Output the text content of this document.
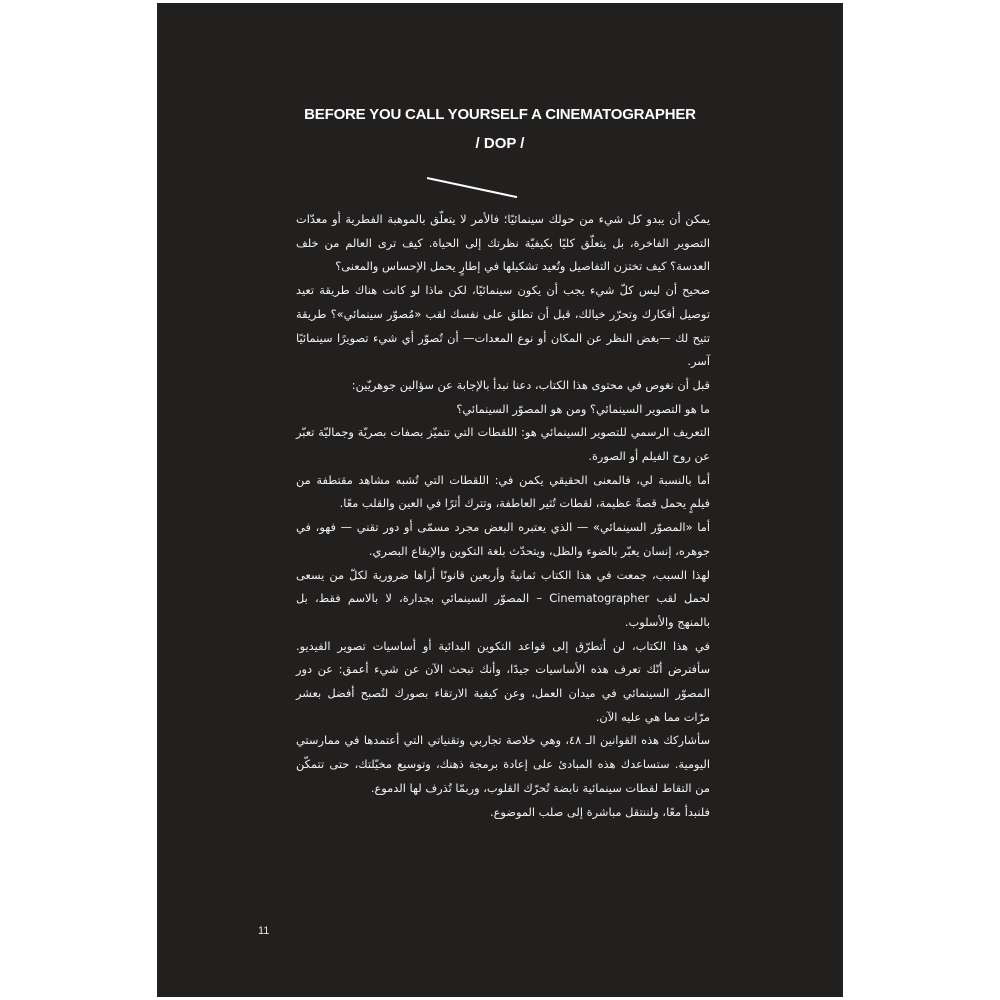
BEFORE YOU CALL YOURSELF A CINEMATOGRAPHER
/ DOP /

يمكن أن يبدو كل شيء من حولك سينمائيًا؛ فالأمر لا يتعلّق بالموهبة الفطرية أو معدّات التصوير الفاخرة، بل يتعلّق كليًا بكيفيّة نظرتك إلى الحياة. كيف ترى العالم من خلف العدسة؟ كيف تختزن التفاصيل وتُعيد تشكيلها في إطارٍ يحمل الإحساس والمعنى؟

صحيح أن ليس كلّ شيء يجب أن يكون سينمائيًا، لكن ماذا لو كانت هناك طريقة تعيد توصيل أفكارك وتحرّر خيالك، قبل أن تطلق على نفسك لقب «مُصوّر سينمائي»؟ طريقة تتيح لك —بغض النظر عن المكان أو نوع المعدات— أن تُصوّر أي شيء تصويرًا سينمائيًا آسر.

قبل أن نغوص في محتوى هذا الكتاب، دعنا نبدأ بالإجابة عن سؤالين جوهريّين:

ما هو التصوير السينمائي؟ ومن هو المصوّر السينمائي؟

التعريف الرسمي للتصوير السينمائي هو: اللقطات التي تتميّز بصفات بصريّة وجماليّة تعبّر عن روح الفيلم أو الصورة.

أما بالنسبة لي، فالمعنى الحقيقي يكمن في: اللقطات التي تُشبه مشاهد مقتطفة من فيلمٍ يحمل قصةً عظيمة، لقطات تُثير العاطفة، وتترك أثرًا في العين والقلب معًا.

أما «المصوّر السينمائي» — الذي يعتبره البعض مجرد مسمّى أو دور تقني — فهو، في جوهره، إنسان يعبّر بالضوء والظل، ويتحدّث بلغة التكوين والإيقاع البصري.

لهذا السبب، جمعت في هذا الكتاب ثمانيةً وأربعين قانونًا أراها ضرورية لكلّ من يسعى لحمل لقب Cinematographer – المصوّر السينمائي بجدارة، لا بالاسم فقط، بل بالمنهج والأسلوب.

في هذا الكتاب، لن أتطرّق إلى قواعد التكوين البدائية أو أساسيات تصوير الفيديو. سأفترض أنّك تعرف هذه الأساسيات جيدًا، وأنك تبحث الآن عن شيء أعمق: عن دور المصوّر السينمائي في ميدان العمل، وعن كيفية الارتقاء بصورك لتُصبح أفضل بعشر مرّات مما هي عليه الآن.

سأشاركك هذه القوانين الـ ٤٨، وهي خلاصة تجاربي وتقنياتي التي أعتمدها في ممارستي اليومية. ستساعدك هذه المبادئ على إعادة برمجة ذهنك، وتوسيع مخيّلتك، حتى تتمكّن من التقاط لقطات سينمائية نابضة تُحرّك القلوب، وربمّا تُذرف لها الدموع.

فلنبدأ معًا، ولننتقل مباشرة إلى صلب الموضوع.

11
